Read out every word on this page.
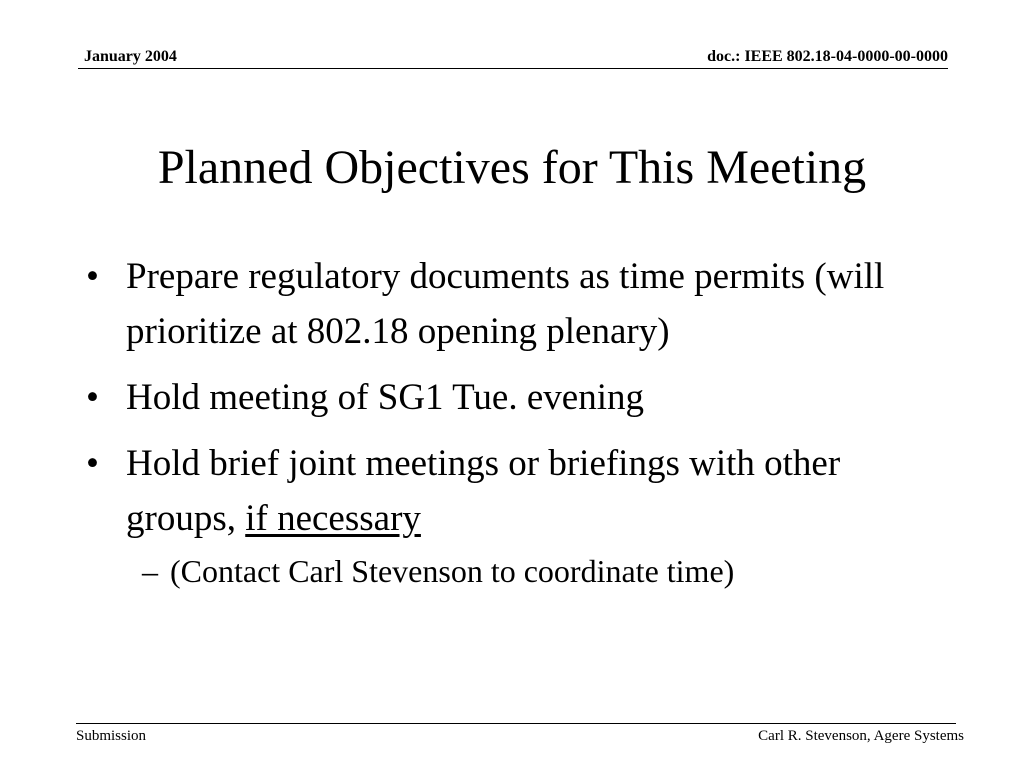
January 2004	doc.: IEEE 802.18-04-0000-00-0000
Planned Objectives for This Meeting
• Prepare regulatory documents as time permits (will prioritize at 802.18 opening plenary)
• Hold meeting of SG1 Tue. evening
• Hold brief joint meetings or briefings with other groups, if necessary
– (Contact Carl Stevenson to coordinate time)
Submission	Carl R. Stevenson, Agere Systems
